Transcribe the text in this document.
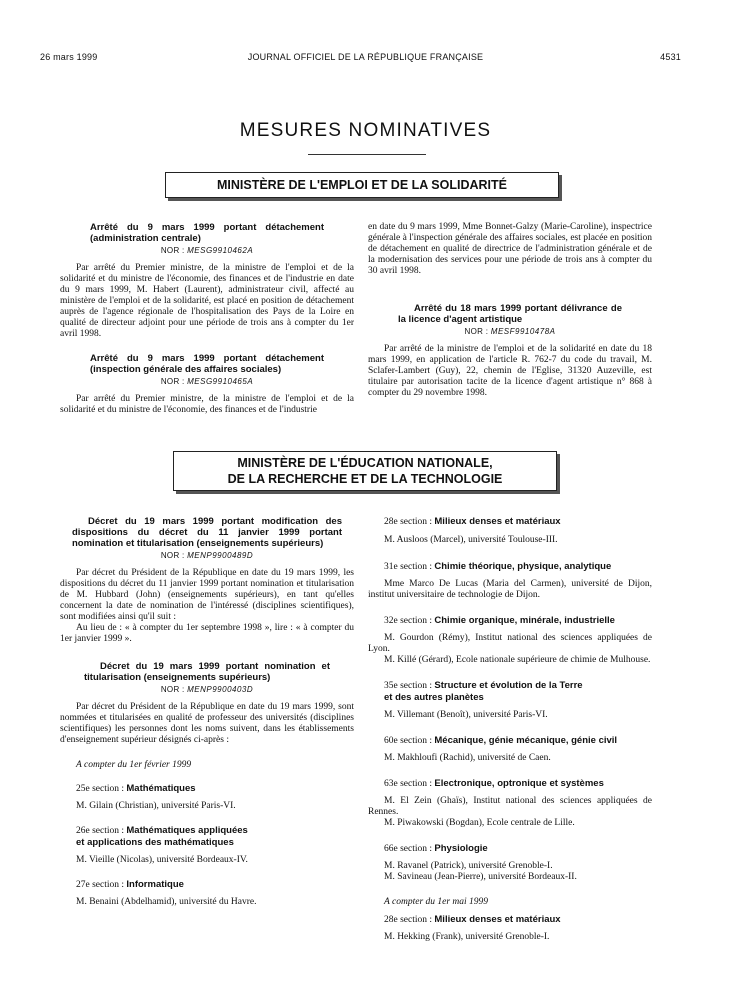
26 mars 1999	JOURNAL OFFICIEL DE LA RÉPUBLIQUE FRANÇAISE	4531
MESURES NOMINATIVES
MINISTÈRE DE L'EMPLOI ET DE LA SOLIDARITÉ

Arrêté du 9 mars 1999 portant détachement (administration centrale)

NOR : MESG9910462A

Par arrêté du Premier ministre, de la ministre de l'emploi et de la solidarité et du ministre de l'économie, des finances et de l'industrie en date du 9 mars 1999, M. Habert (Laurent), administrateur civil, affecté au ministère de l'emploi et de la solidarité, est placé en position de détachement auprès de l'agence régionale de l'hospitalisation des Pays de la Loire en qualité de directeur adjoint pour une période de trois ans à compter du 1er avril 1998.

Arrêté du 9 mars 1999 portant détachement (inspection générale des affaires sociales)

NOR : MESG9910465A

Par arrêté du Premier ministre, de la ministre de l'emploi et de la solidarité et du ministre de l'économie, des finances et de l'industrie

en date du 9 mars 1999, Mme Bonnet-Galzy (Marie-Caroline), inspectrice générale à l'inspection générale des affaires sociales, est placée en position de détachement en qualité de directrice de l'administration générale et de la modernisation des services pour une période de trois ans à compter du 30 avril 1998.

Arrêté du 18 mars 1999 portant délivrance de la licence d'agent artistique

NOR : MESF9910478A

Par arrêté de la ministre de l'emploi et de la solidarité en date du 18 mars 1999, en application de l'article R. 762-7 du code du travail, M. Sclafer-Lambert (Guy), 22, chemin de l'Eglise, 31320 Auzeville, est titulaire par autorisation tacite de la licence d'agent artistique n° 868 à compter du 29 novembre 1998.

MINISTÈRE DE L'ÉDUCATION NATIONALE,
DE LA RECHERCHE ET DE LA TECHNOLOGIE

Décret du 19 mars 1999 portant modification des dispositions du décret du 11 janvier 1999 portant nomination et titularisation (enseignements supérieurs)

NOR : MENP9900489D

Par décret du Président de la République en date du 19 mars 1999, les dispositions du décret du 11 janvier 1999 portant nomination et titularisation de M. Hubbard (John) (enseignements supérieurs), en tant qu'elles concernent la date de nomination de l'intéressé (disciplines scientifiques), sont modifiées ainsi qu'il suit :

Au lieu de : « à compter du 1er septembre 1998 », lire : « à compter du 1er janvier 1999 ».

Décret du 19 mars 1999 portant nomination et titularisation (enseignements supérieurs)

NOR : MENP9900403D

Par décret du Président de la République en date du 19 mars 1999, sont nommées et titularisées en qualité de professeur des universités (disciplines scientifiques) les personnes dont les noms suivent, dans les établissements d'enseignement supérieur désignés ci-après :

A compter du 1er février 1999

25e section : Mathématiques

M. Gilain (Christian), université Paris-VI.

26e section : Mathématiques appliquées

et applications des mathématiques

M. Vieille (Nicolas), université Bordeaux-IV.

27e section : Informatique

M. Benaini (Abdelhamid), université du Havre.

28e section : Milieux denses et matériaux

M. Ausloos (Marcel), université Toulouse-III.

31e section : Chimie théorique, physique, analytique

Mme Marco De Lucas (Maria del Carmen), université de Dijon, institut universitaire de technologie de Dijon.

32e section : Chimie organique, minérale, industrielle

M. Gourdon (Rémy), Institut national des sciences appliquées de Lyon.

M. Killé (Gérard), Ecole nationale supérieure de chimie de Mulhouse.

35e section : Structure et évolution de la Terre

et des autres planètes

M. Villemant (Benoît), université Paris-VI.

60e section : Mécanique, génie mécanique, génie civil

M. Makhloufi (Rachid), université de Caen.

63e section : Electronique, optronique et systèmes

M. El Zein (Ghaïs), Institut national des sciences appliquées de Rennes.

M. Piwakowski (Bogdan), Ecole centrale de Lille.

66e section : Physiologie

M. Ravanel (Patrick), université Grenoble-I.

M. Savineau (Jean-Pierre), université Bordeaux-II.

A compter du 1er mai 1999

28e section : Milieux denses et matériaux

M. Hekking (Frank), université Grenoble-I.
